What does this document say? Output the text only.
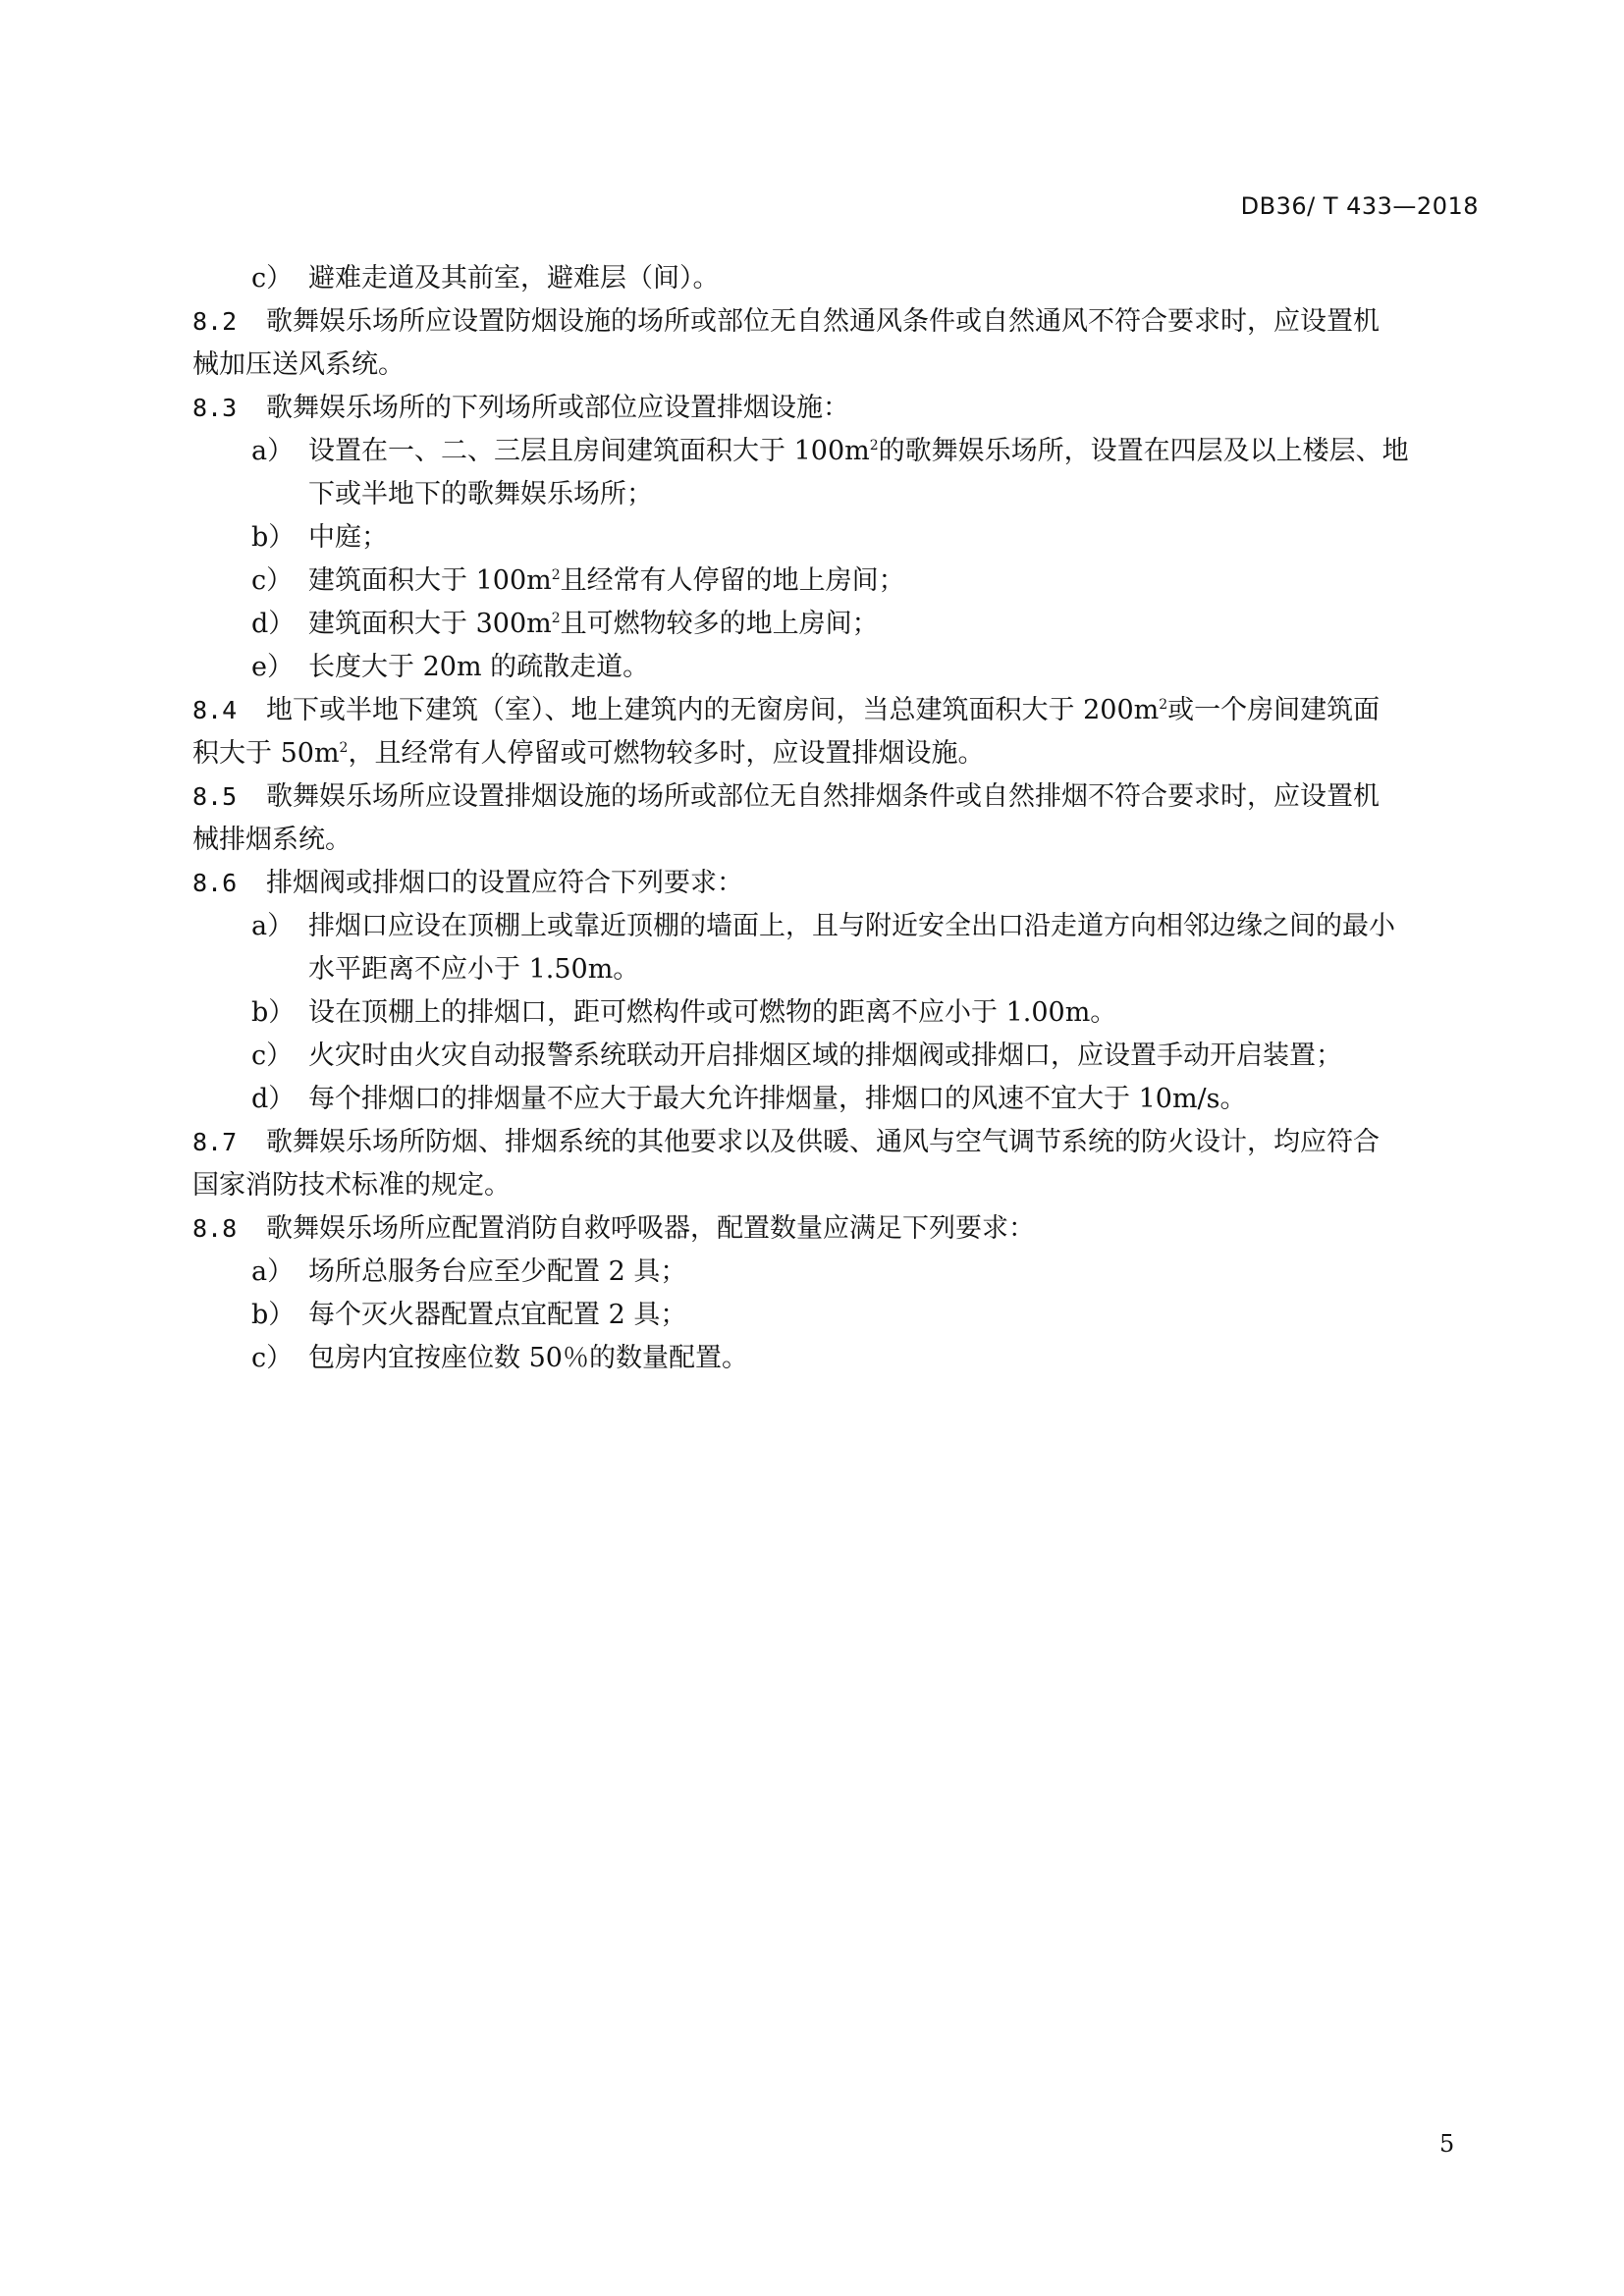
DB36/ T 433—2018
c） 避难走道及其前室，避难层（间）。
8.2 歌舞娱乐场所应设置防烟设施的场所或部位无自然通风条件或自然通风不符合要求时，应设置机
械加压送风系统。
8.3 歌舞娱乐场所的下列场所或部位应设置排烟设施：
a） 设置在一、二、三层且房间建筑面积大于 $100m^2$的歌舞娱乐场所，设置在四层及以上楼层、地
下或半地下的歌舞娱乐场所；
b） 中庭；
c） 建筑面积大于 $100m^2$且经常有人停留的地上房间；
d） 建筑面积大于 $300m^2$且可燃物较多的地上房间；
e） 长度大于 20m 的疏散走道。
8.4 地下或半地下建筑（室）、地上建筑内的无窗房间，当总建筑面积大于 $200m^2$或一个房间建筑面
积大于 $50m^2$，且经常有人停留或可燃物较多时，应设置排烟设施。
8.5 歌舞娱乐场所应设置排烟设施的场所或部位无自然排烟条件或自然排烟不符合要求时，应设置机
械排烟系统。
8.6 排烟阀或排烟口的设置应符合下列要求：
a） 排烟口应设在顶棚上或靠近顶棚的墙面上，且与附近安全出口沿走道方向相邻边缘之间的最小
水平距离不应小于 1.50m。
b） 设在顶棚上的排烟口，距可燃构件或可燃物的距离不应小于 1.00m。
c） 火灾时由火灾自动报警系统联动开启排烟区域的排烟阀或排烟口，应设置手动开启装置；
d） 每个排烟口的排烟量不应大于最大允许排烟量，排烟口的风速不宜大于 10m/s。
8.7 歌舞娱乐场所防烟、排烟系统的其他要求以及供暖、通风与空气调节系统的防火设计，均应符合
国家消防技术标准的规定。
8.8 歌舞娱乐场所应配置消防自救呼吸器，配置数量应满足下列要求：
a） 场所总服务台应至少配置 2 具；
b） 每个灭火器配置点宜配置 2 具；
c） 包房内宜按座位数 50％的数量配置。
5
